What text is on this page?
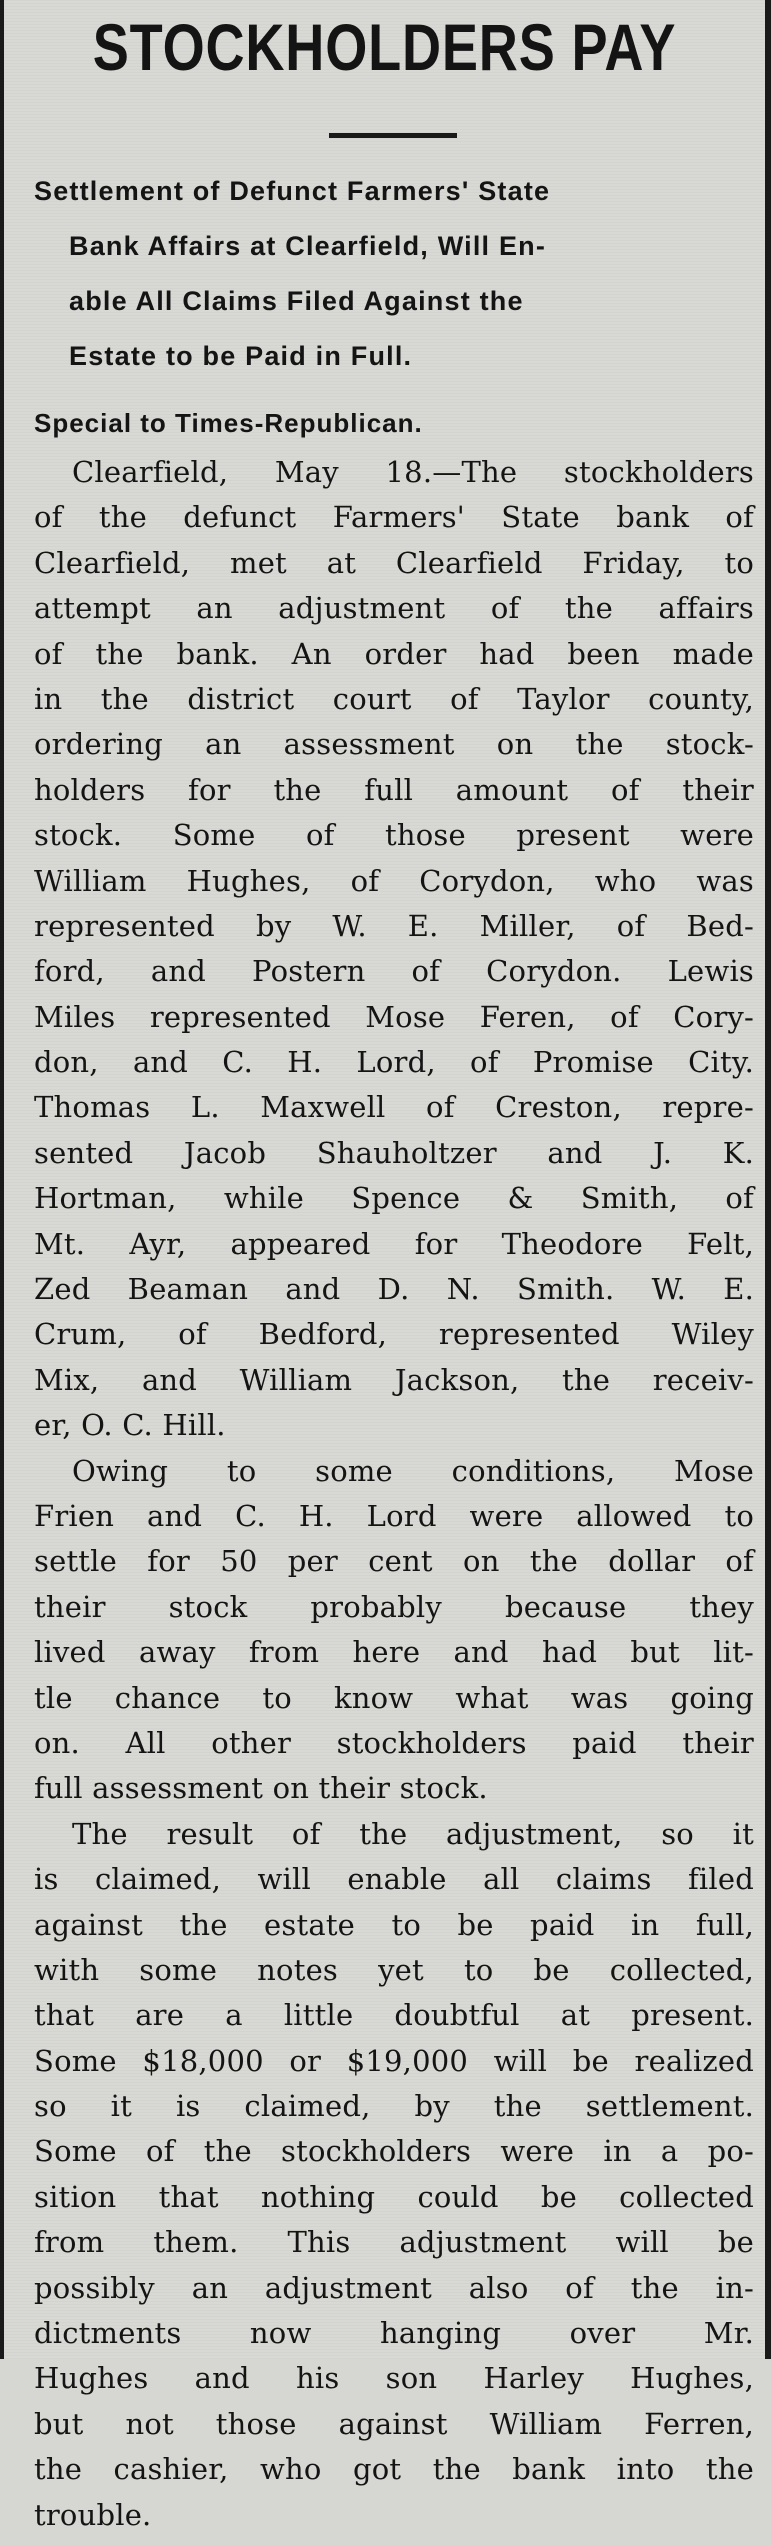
STOCKHOLDERS PAY
Settlement of Defunct Farmers' State
Bank Affairs at Clearfield, Will En-
able All Claims Filed Against the
Estate to be Paid in Full.
Special to Times-Republican.
Clearfield, May 18.—The stockholders
of the defunct Farmers' State bank of
Clearfield, met at Clearfield Friday, to
attempt an adjustment of the affairs
of the bank. An order had been made
in the district court of Taylor county,
ordering an assessment on the stock-
holders for the full amount of their
stock. Some of those present were
William Hughes, of Corydon, who was
represented by W. E. Miller, of Bed-
ford, and Postern of Corydon. Lewis
Miles represented Mose Feren, of Cory-
don, and C. H. Lord, of Promise City.
Thomas L. Maxwell of Creston, repre-
sented Jacob Shauholtzer and J. K.
Hortman, while Spence & Smith, of
Mt. Ayr, appeared for Theodore Felt,
Zed Beaman and D. N. Smith. W. E.
Crum, of Bedford, represented Wiley
Mix, and William Jackson, the receiv-
er, O. C. Hill.
Owing to some conditions, Mose
Frien and C. H. Lord were allowed to
settle for 50 per cent on the dollar of
their stock probably because they
lived away from here and had but lit-
tle chance to know what was going
on. All other stockholders paid their
full assessment on their stock.
The result of the adjustment, so it
is claimed, will enable all claims filed
against the estate to be paid in full,
with some notes yet to be collected,
that are a little doubtful at present.
Some $18,000 or $19,000 will be realized
so it is claimed, by the settlement.
Some of the stockholders were in a po-
sition that nothing could be collected
from them. This adjustment will be
possibly an adjustment also of the in-
dictments now hanging over Mr.
Hughes and his son Harley Hughes,
but not those against William Ferren,
the cashier, who got the bank into the
trouble.
